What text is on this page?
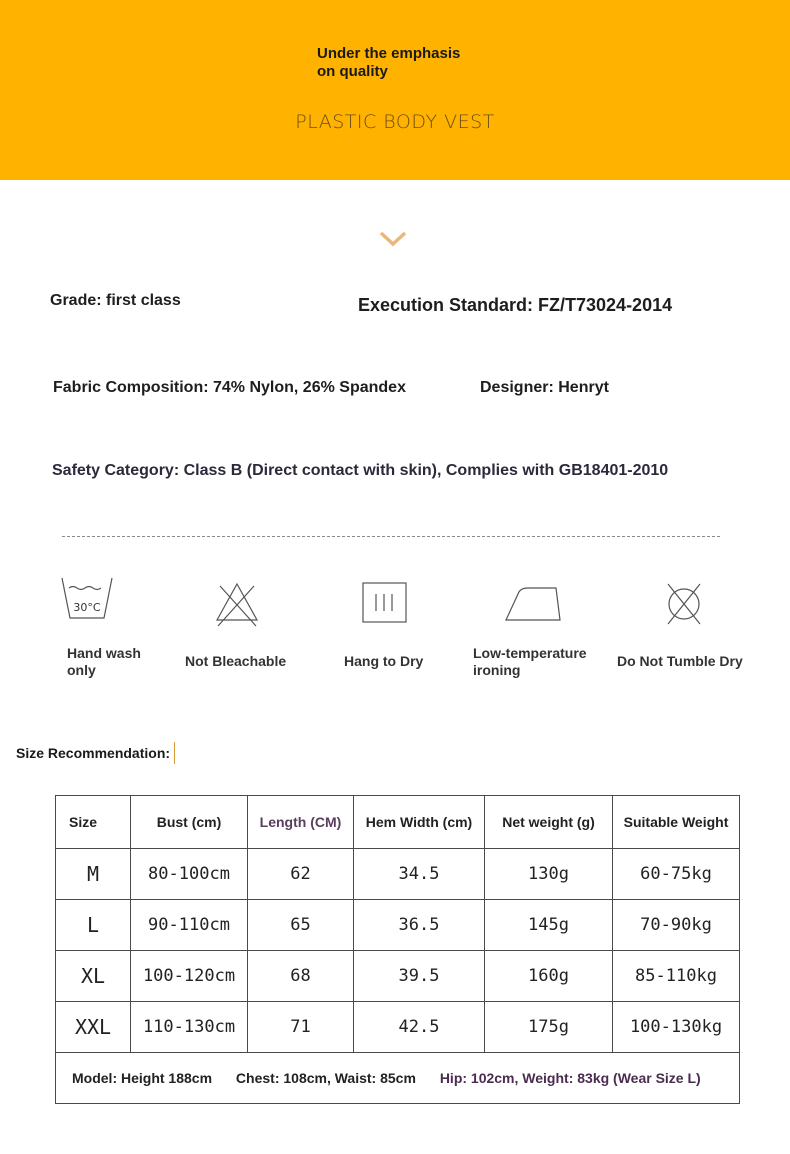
Under the emphasis
on quality
PLASTIC BODY VEST
Grade: first class	Execution Standard: FZ/T73024-2014
Fabric Composition: 74% Nylon, 26% Spandex	Designer: Henryt
Safety Category: Class B (Direct contact with skin), Complies with GB18401-2010
30°C
Hand wash
only
Not Bleachable	Hang to Dry	Low-temperature
ironing
Do Not Tumble Dry
Size Recommendation:
Size	Bust (cm)	Length (CM)	Hem Width (cm)	Net weight (g)	Suitable Weight
M	80-100cm	62	34.5	130g	60-75kg
L	90-110cm	65	36.5	145g	70-90kg
XL	100-120cm	68	39.5	160g	85-110kg
XXL	110-130cm	71	42.5	175g	100-130kg
Model: Height 188cm Chest: 108cm, Waist: 85cm Hip: 102cm, Weight: 83kg (Wear Size L)					
